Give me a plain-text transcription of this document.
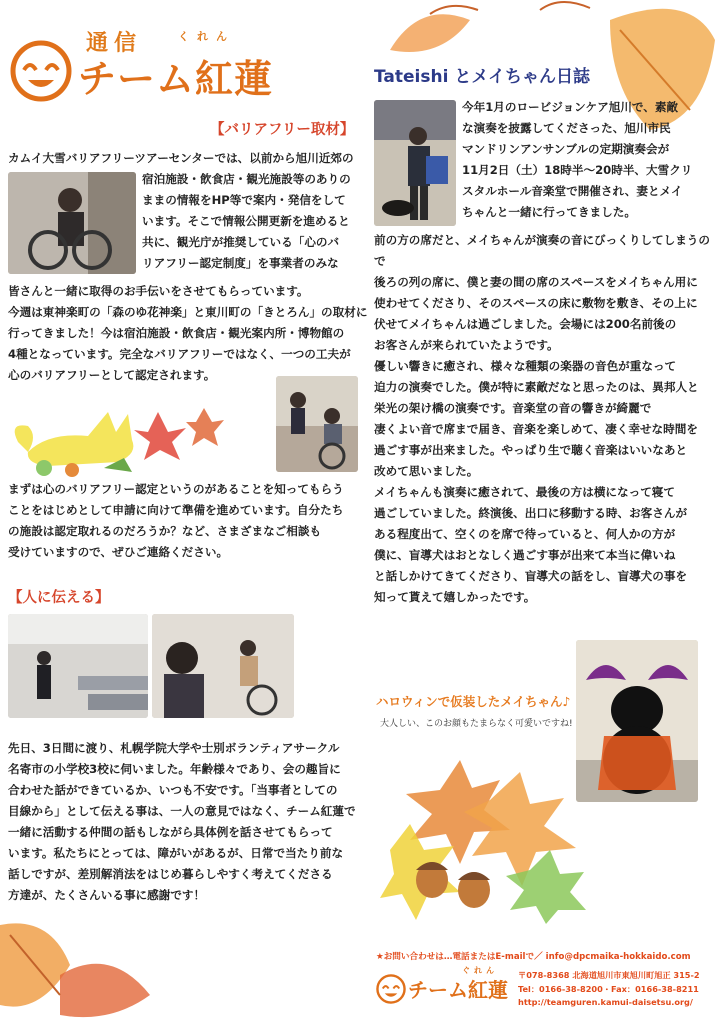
通信	くれん
チーム紅蓮
【バリアフリー取材】

カムイ大雪バリアフリーツアーセンターでは、以前から旭川近郊の

宿泊施設・飲食店・観光施設等のありの
ままの情報をHP等で案内・発信をして
います。そこで情報公開更新を進めると
共に、観光庁が推奨している「心のバ
リアフリー認定制度」を事業者のみな

皆さんと一緒に取得のお手伝いをさせてもらっています。
今週は東神楽町の「森のゆ花神楽」と東川町の「きとろん」の取材に
行ってきました！今は宿泊施設・飲食店・観光案内所・博物館の
4種となっています。完全なバリアフリーではなく、一つの工夫が
心のバリアフリーとして認定されます。

まずは心のバリアフリー認定というのがあることを知ってもらう
ことをはじめとして申請に向けて準備を進めています。自分たち
の施設は認定取れるのだろうか？など、さまざまなご相談も
受けていますので、ぜひご連絡ください。

【人に伝える】

先日、3日間に渡り、札幌学院大学や士別ボランティアサークル
名寄市の小学校3校に伺いました。年齢様々であり、会の趣旨に
合わせた話ができているか、いつも不安です。「当事者としての
目線から」として伝える事は、一人の意見ではなく、チーム紅蓮で
一緒に活動する仲間の話もしながら具体例を話させてもらって
います。私たちにとっては、障がいがあるが、日常で当たり前な
話しですが、差別解消法をはじめ暮らしやすく考えてくださる
方達が、たくさんいる事に感謝です！

Tateishi とメイちゃん日誌

今年1月のロービジョンケア旭川で、素敵
な演奏を披露してくださった、旭川市民
マンドリンアンサンブルの定期演奏会が
11月2日（土）18時半〜20時半、大雪クリ
スタルホール音楽堂で開催され、妻とメイ
ちゃんと一緒に行ってきました。

前の方の席だと、メイちゃんが演奏の音にびっくりしてしまうので
後ろの列の席に、僕と妻の間の席のスペースをメイちゃん用に
使わせてくださり、そのスペースの床に敷物を敷き、その上に
伏せてメイちゃんは過ごしました。会場には200名前後の
お客さんが来られていたようです。
優しい響きに癒され、様々な種類の楽器の音色が重なって
迫力の演奏でした。僕が特に素敵だなと思ったのは、異邦人と
栄光の架け橋の演奏です。音楽堂の音の響きが綺麗で
凄くよい音で席まで届き、音楽を楽しめて、凄く幸せな時間を
過ごす事が出来ました。やっぱり生で聴く音楽はいいなあと
改めて思いました。
メイちゃんも演奏に癒されて、最後の方は横になって寝て
過ごしていました。終演後、出口に移動する時、お客さんが
ある程度出て、空くのを席で待っていると、何人かの方が
僕に、盲導犬はおとなしく過ごす事が出来て本当に偉いね
と話しかけてきてくださり、盲導犬の話をし、盲導犬の事を
知って貰えて嬉しかったです。

ハロウィンで仮装したメイちゃん♪
大人しい、このお顔もたまらなく可愛いですね!
★お問い合わせは…電話またはE-mailで／ info@dpcmaika-hokkaido.com
ぐれん
チーム紅蓮
〒078-8368 北海道旭川市東旭川町旭正 315-2
Tel：0166-38-8200・Fax：0166-38-8211
http://teamguren.kamui-daisetsu.org/
